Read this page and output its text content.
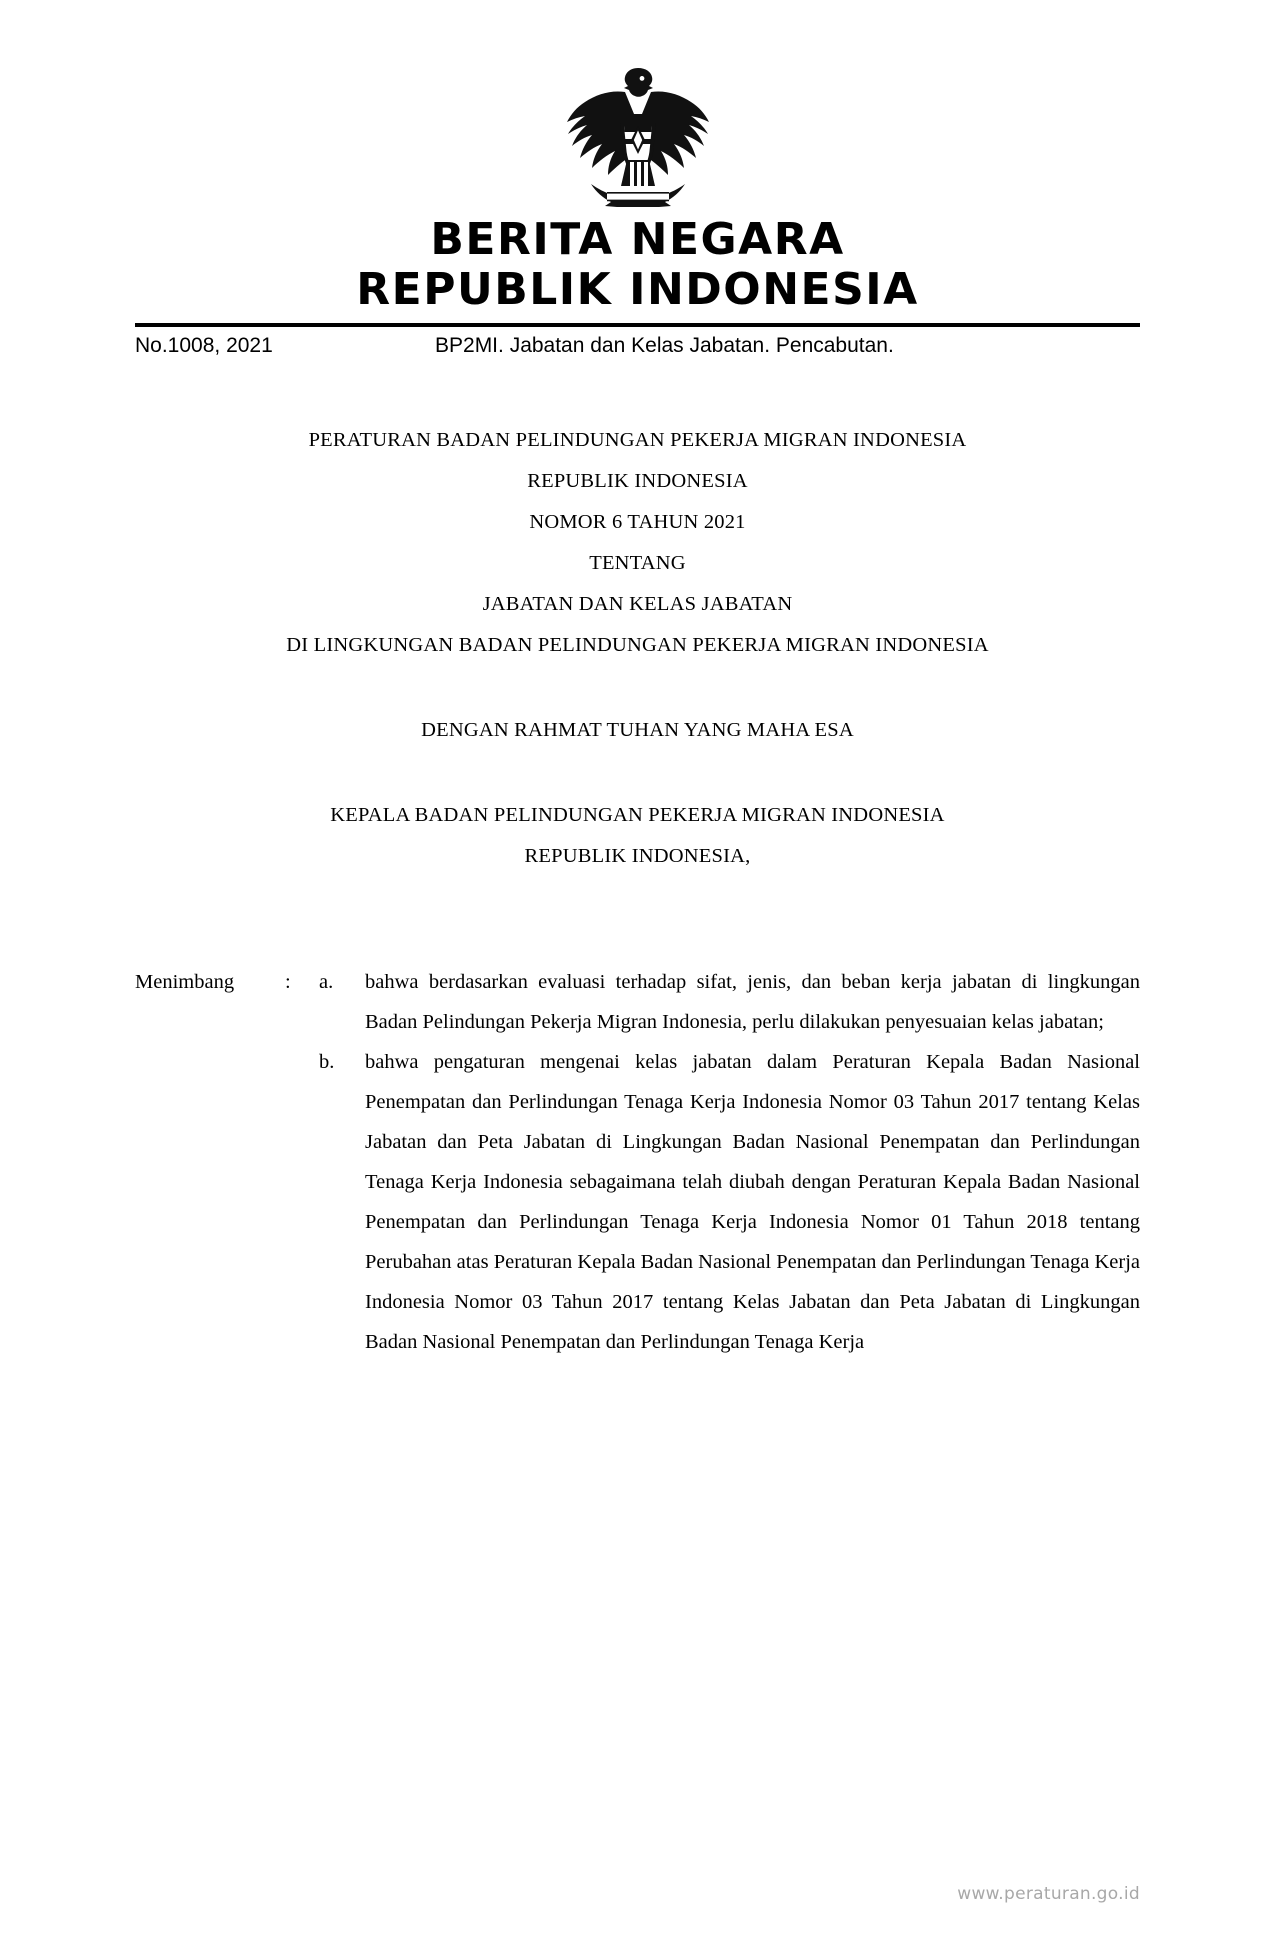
BERITA NEGARA
REPUBLIK INDONESIA
No.1008, 2021	BP2MI. Jabatan dan Kelas Jabatan. Pencabutan.
PERATURAN BADAN PELINDUNGAN PEKERJA MIGRAN INDONESIA
REPUBLIK INDONESIA
NOMOR 6 TAHUN 2021
TENTANG
JABATAN DAN KELAS JABATAN
DI LINGKUNGAN BADAN PELINDUNGAN PEKERJA MIGRAN INDONESIA
DENGAN RAHMAT TUHAN YANG MAHA ESA
KEPALA BADAN PELINDUNGAN PEKERJA MIGRAN INDONESIA
REPUBLIK INDONESIA,
Menimbang	:	a.	bahwa berdasarkan evaluasi terhadap sifat, jenis, dan beban kerja jabatan di lingkungan Badan Pelindungan Pekerja Migran Indonesia, perlu dilakukan penyesuaian kelas jabatan;
b.	bahwa pengaturan mengenai kelas jabatan dalam Peraturan Kepala Badan Nasional Penempatan dan Perlindungan Tenaga Kerja Indonesia Nomor 03 Tahun 2017 tentang Kelas Jabatan dan Peta Jabatan di Lingkungan Badan Nasional Penempatan dan Perlindungan Tenaga Kerja Indonesia sebagaimana telah diubah dengan Peraturan Kepala Badan Nasional Penempatan dan Perlindungan Tenaga Kerja Indonesia Nomor 01 Tahun 2018 tentang Perubahan atas Peraturan Kepala Badan Nasional Penempatan dan Perlindungan Tenaga Kerja Indonesia Nomor 03 Tahun 2017 tentang Kelas Jabatan dan Peta Jabatan di Lingkungan Badan Nasional Penempatan dan Perlindungan Tenaga Kerja
www.peraturan.go.id
